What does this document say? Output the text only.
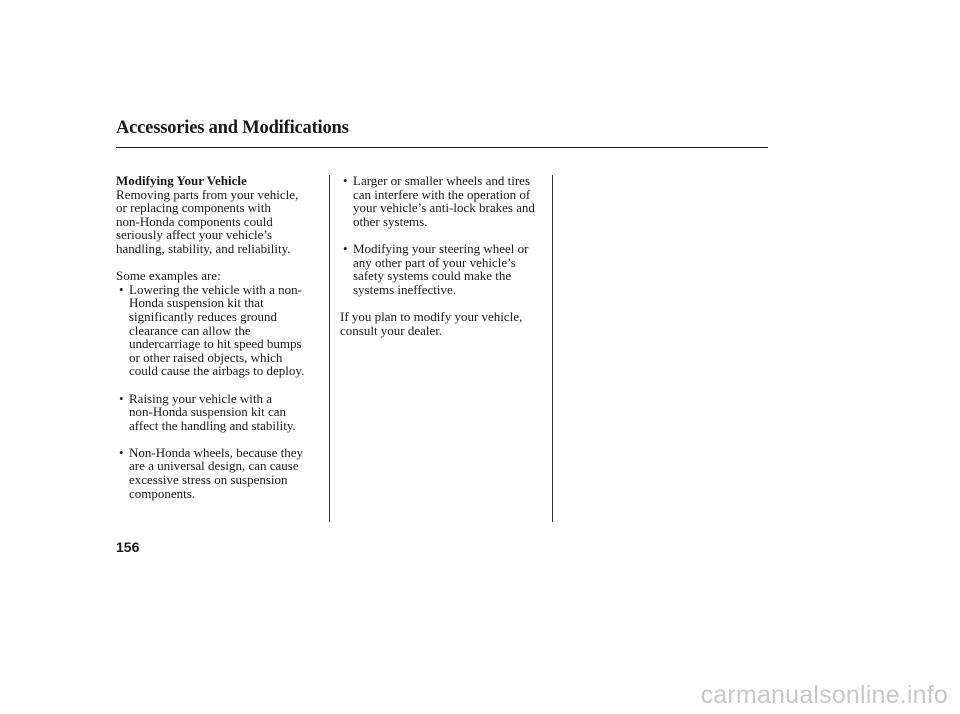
Accessories and Modifications
Modifying Your Vehicle

Removing parts from your vehicle,

or replacing components with

non-Honda components could

seriously affect your vehicle’s

handling, stability, and reliability.

Some examples are:

• Lowering the vehicle with a non-

Honda suspension kit that

significantly reduces ground

clearance can allow the

undercarriage to hit speed bumps

or other raised objects, which

could cause the airbags to deploy.

• Raising your vehicle with a

non-Honda suspension kit can

affect the handling and stability.

• Non-Honda wheels, because they

are a universal design, can cause

excessive stress on suspension

components.

• Larger or smaller wheels and tires

can interfere with the operation of

your vehicle’s anti-lock brakes and

other systems.

• Modifying your steering wheel or

any other part of your vehicle’s

safety systems could make the

systems ineffective.

If you plan to modify your vehicle,

consult your dealer.

156
carmanualsonline.info
